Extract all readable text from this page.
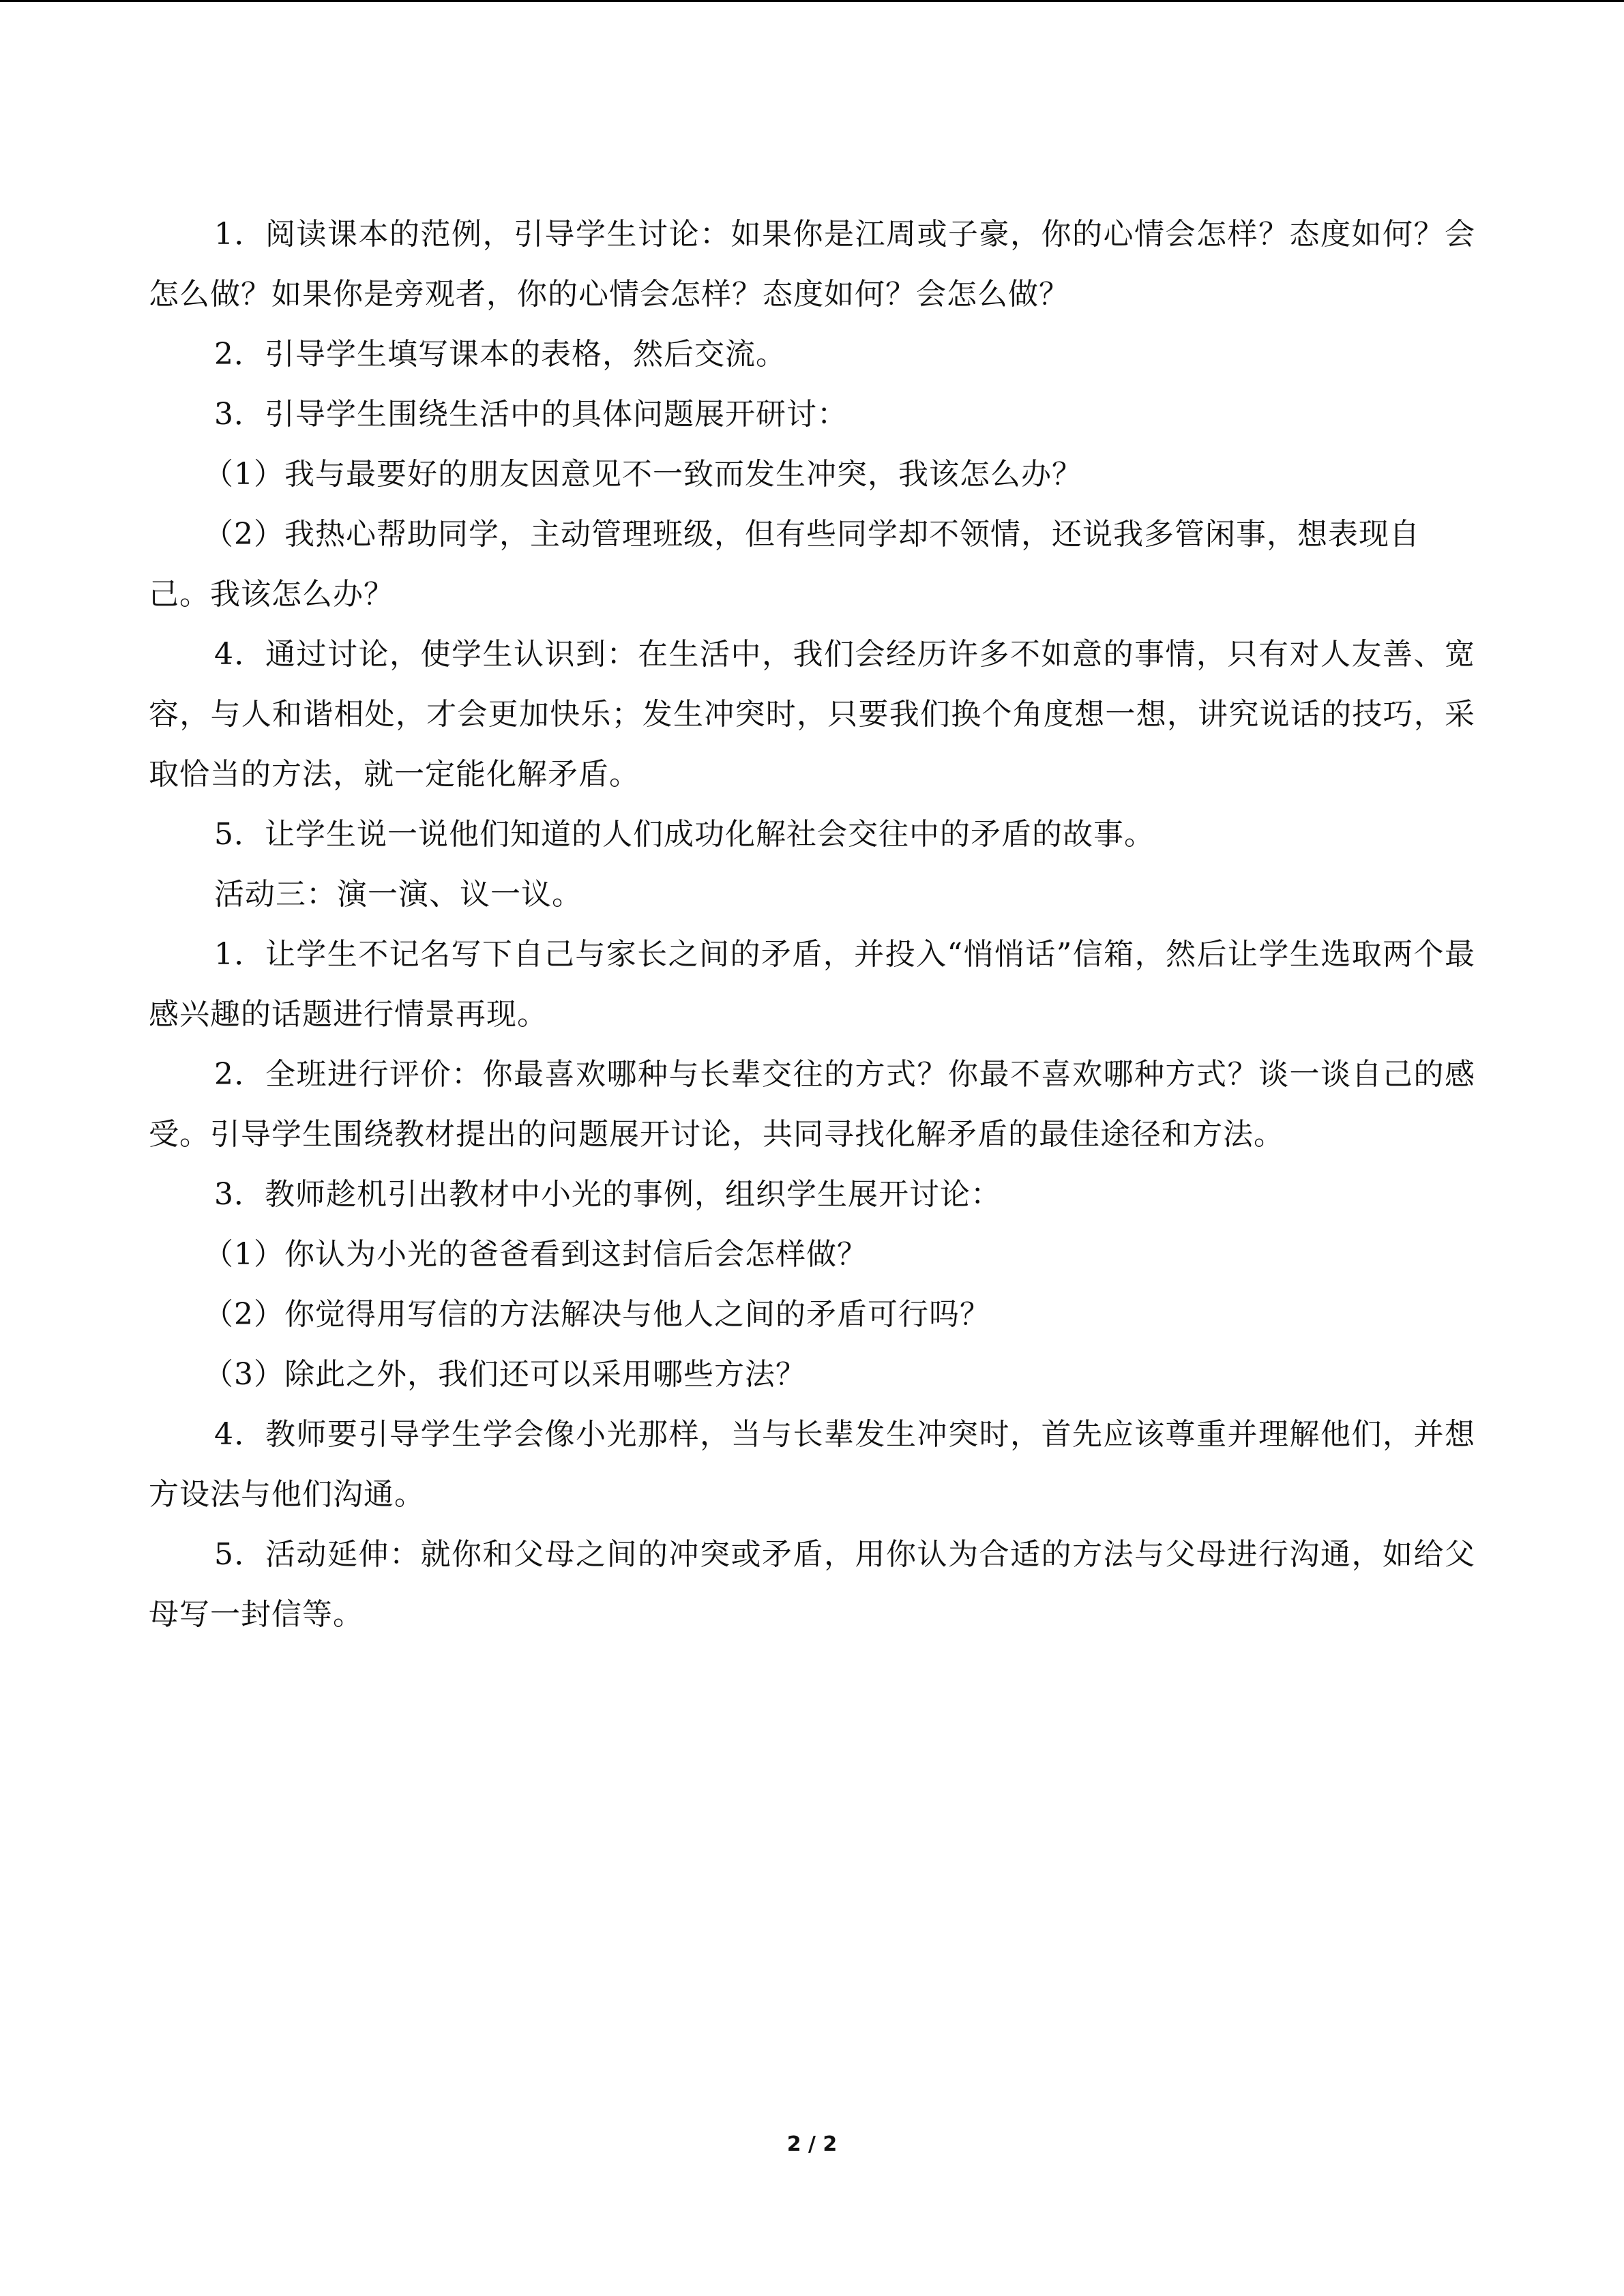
1．阅读课本的范例，引导学生讨论：如果你是江周或子豪，你的心情会怎样？态度如何？会怎么做？如果你是旁观者，你的心情会怎样？态度如何？会怎么做？

2．引导学生填写课本的表格，然后交流。

3．引导学生围绕生活中的具体问题展开研讨：

（1）我与最要好的朋友因意见不一致而发生冲突，我该怎么办？

（2）我热心帮助同学，主动管理班级，但有些同学却不领情，还说我多管闲事，想表现自己。我该怎么办？

4．通过讨论，使学生认识到：在生活中，我们会经历许多不如意的事情，只有对人友善、宽容，与人和谐相处，才会更加快乐；发生冲突时，只要我们换个角度想一想，讲究说话的技巧，采取恰当的方法，就一定能化解矛盾。

5．让学生说一说他们知道的人们成功化解社会交往中的矛盾的故事。

活动三：演一演、议一议。

1．让学生不记名写下自己与家长之间的矛盾，并投入“悄悄话”信箱，然后让学生选取两个最感兴趣的话题进行情景再现。

2．全班进行评价：你最喜欢哪种与长辈交往的方式？你最不喜欢哪种方式？谈一谈自己的感受。引导学生围绕教材提出的问题展开讨论，共同寻找化解矛盾的最佳途径和方法。

3．教师趁机引出教材中小光的事例，组织学生展开讨论：

（1）你认为小光的爸爸看到这封信后会怎样做？

（2）你觉得用写信的方法解决与他人之间的矛盾可行吗？

（3）除此之外，我们还可以采用哪些方法？

4．教师要引导学生学会像小光那样，当与长辈发生冲突时，首先应该尊重并理解他们，并想方设法与他们沟通。

5．活动延伸：就你和父母之间的冲突或矛盾，用你认为合适的方法与父母进行沟通，如给父母写一封信等。

2 / 2
